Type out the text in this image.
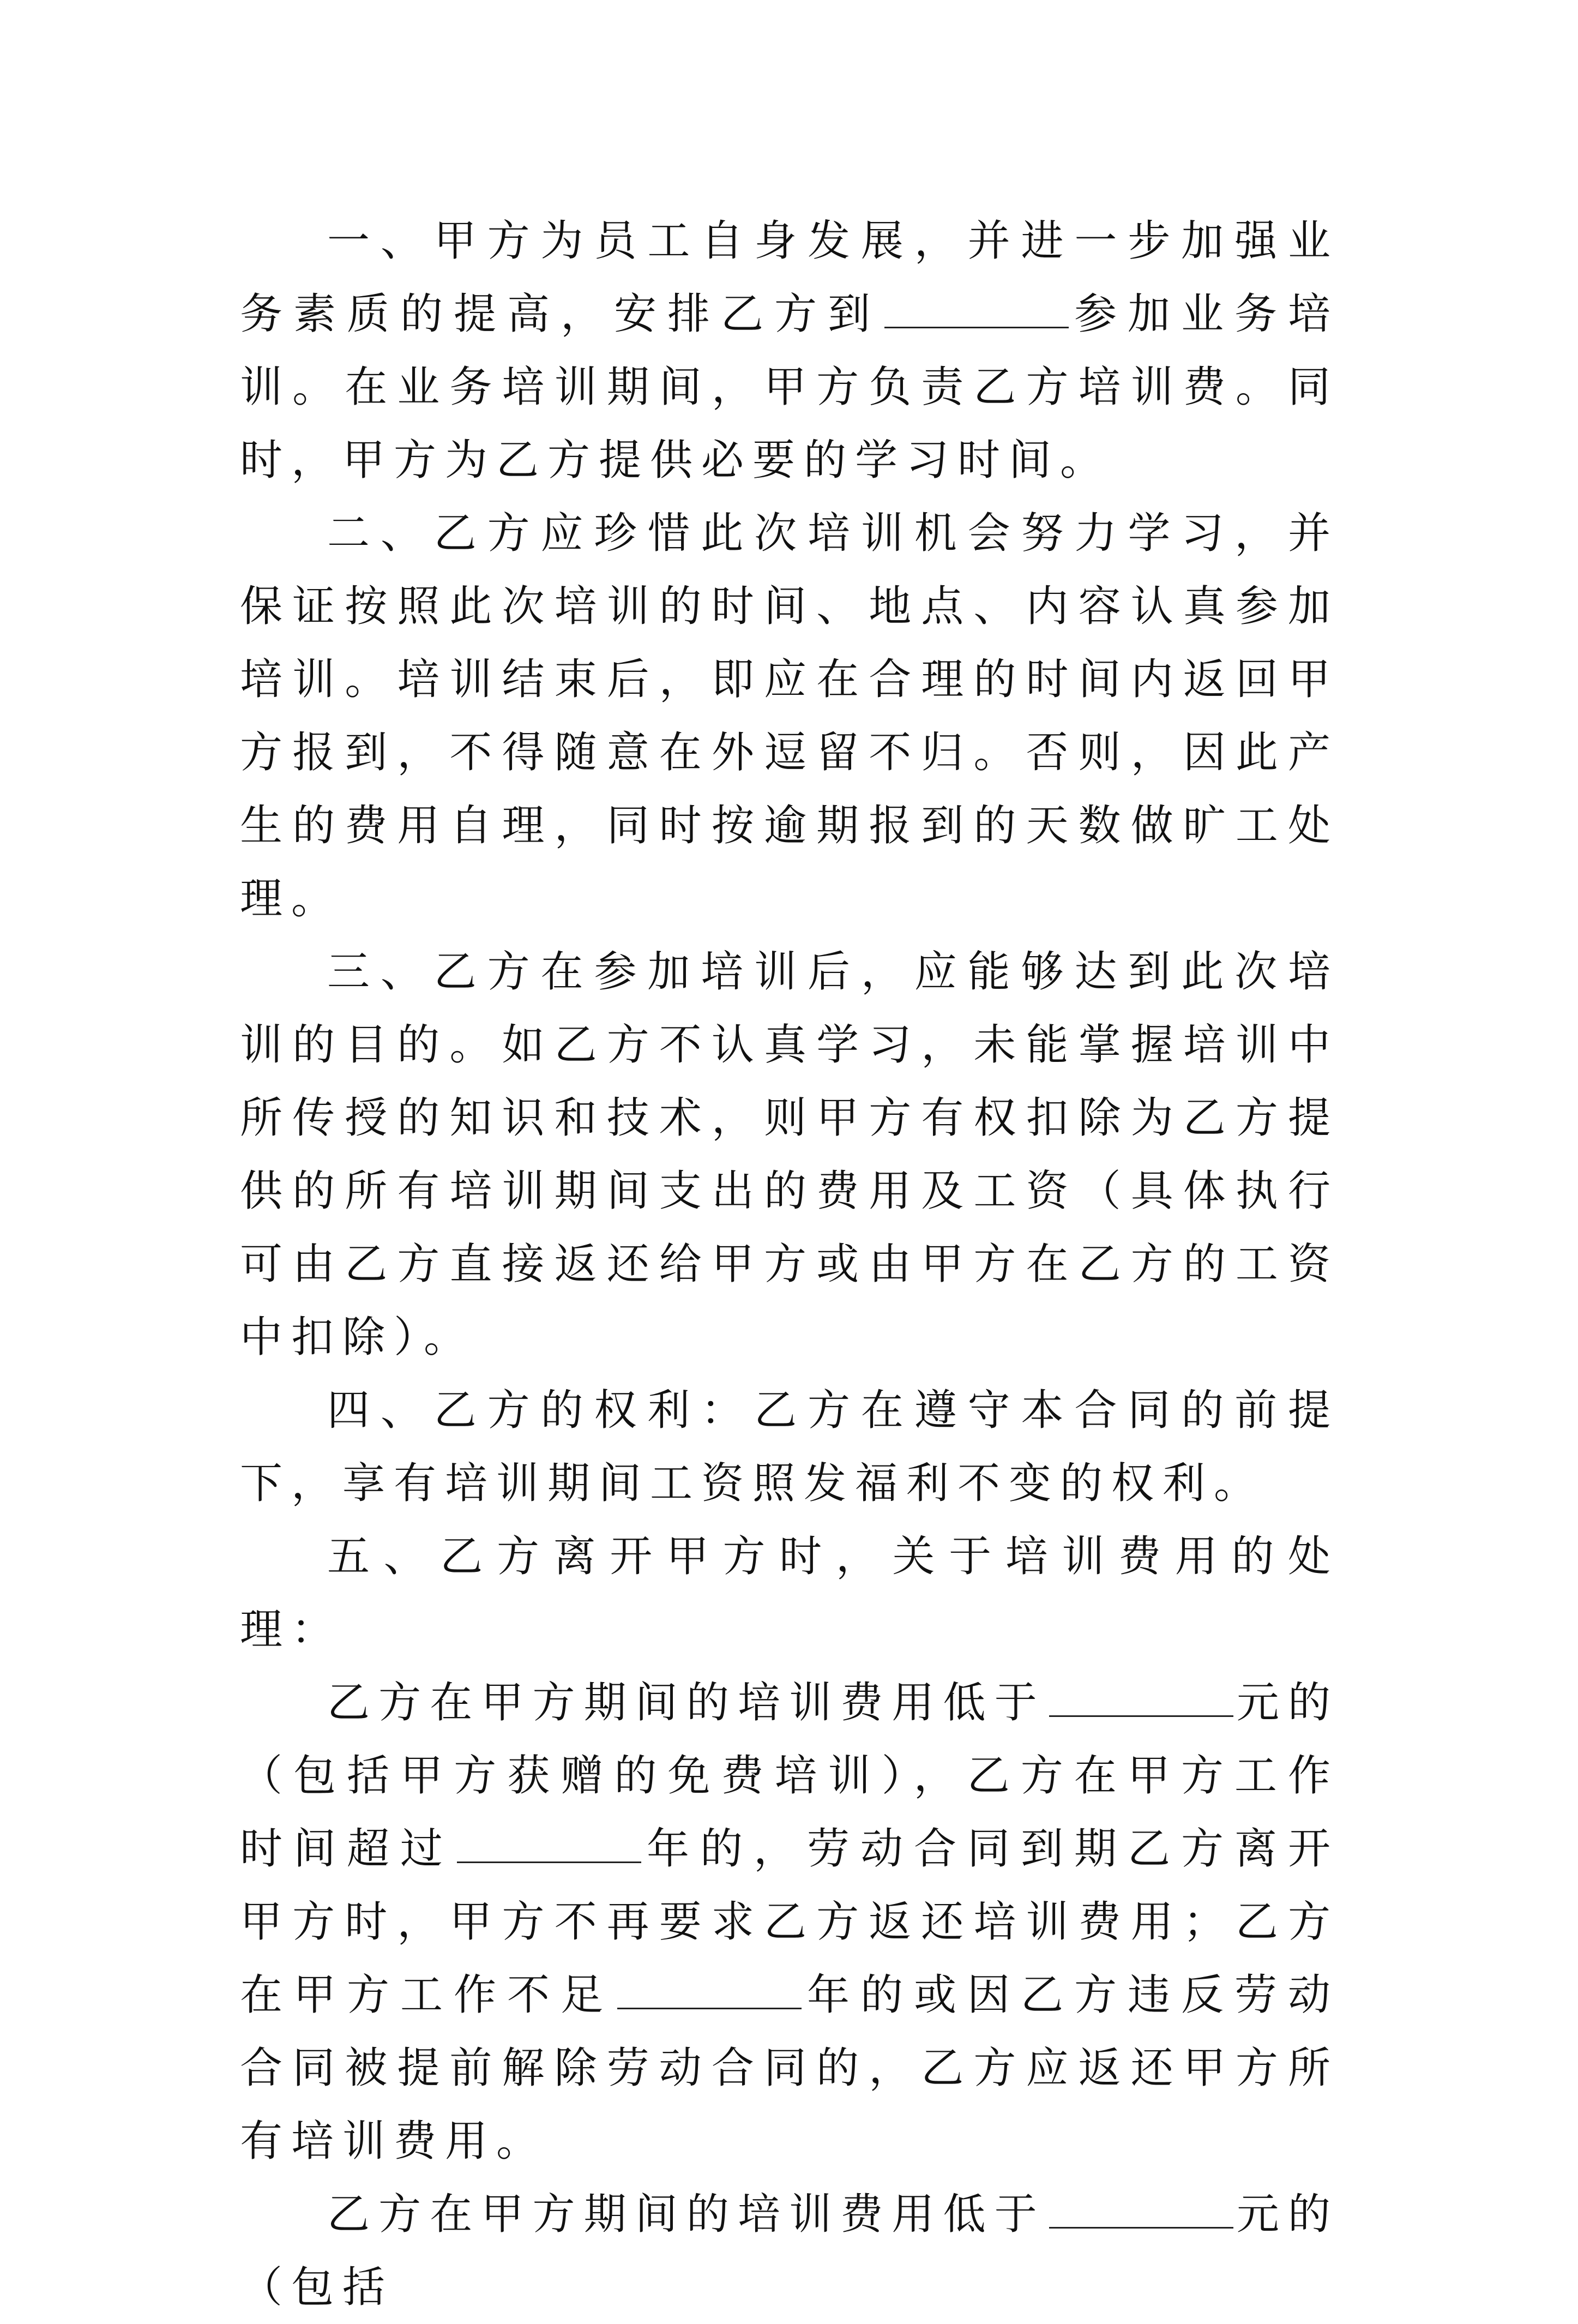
一、甲方为员工自身发展，并进一步加强业务素质的提高，安排乙方到	参加业务培训。在业务培训期间，甲方负责乙方培训费。同时，甲方为乙方提供必要的学习时间。

二、乙方应珍惜此次培训机会努力学习，并保证按照此次培训的时间、地点、内容认真参加培训。培训结束后，即应在合理的时间内返回甲方报到，不得随意在外逗留不归。否则，因此产生的费用自理，同时按逾期报到的天数做旷工处理。

三、乙方在参加培训后，应能够达到此次培训的目的。如乙方不认真学习，未能掌握培训中所传授的知识和技术，则甲方有权扣除为乙方提供的所有培训期间支出的费用及工资（具体执行可由乙方直接返还给甲方或由甲方在乙方的工资中扣除）。

四、乙方的权利：乙方在遵守本合同的前提下，享有培训期间工资照发福利不变的权利。

五、乙方离开甲方时，关于培训费用的处理：

乙方在甲方期间的培训费用低于	元的（包括甲方获赠的免费培训），乙方在甲方工作时间超过	年的，劳动合同到期乙方离开甲方时，甲方不再要求乙方返还培训费用；乙方在甲方工作不足	年的或因乙方违反劳动合同被提前解除劳动合同的，乙方应返还甲方所有培训费用。

乙方在甲方期间的培训费用低于	元的（包括
